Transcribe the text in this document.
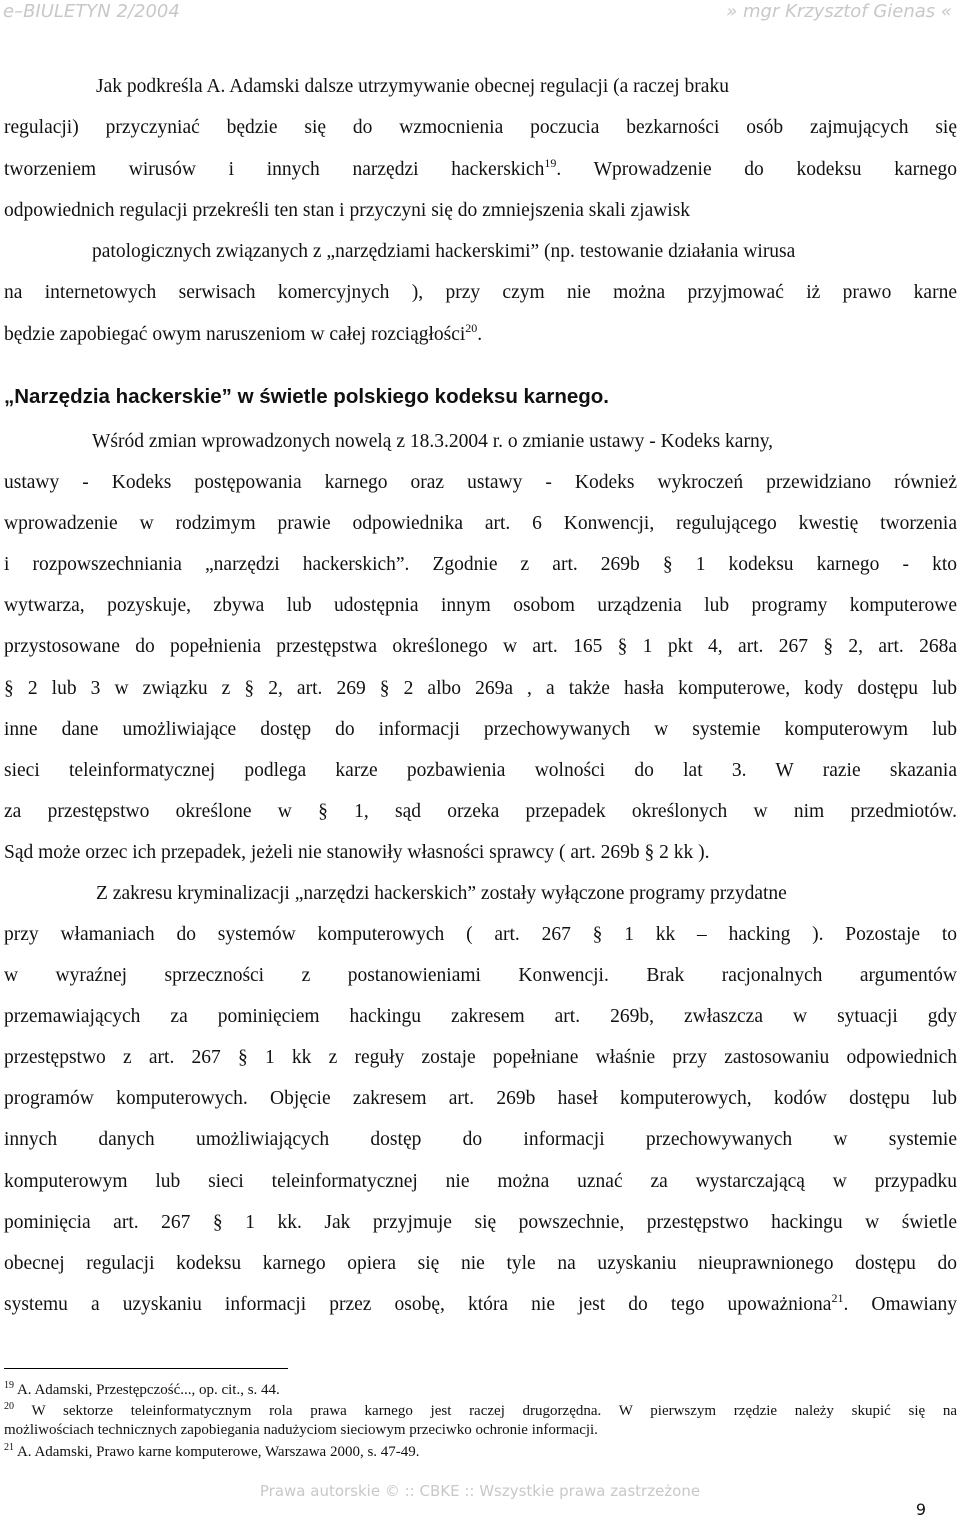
e–BIULETYN 2/2004	» mgr Krzysztof Gienas «
Jak podkreśla A. Adamski dalsze utrzymywanie obecnej regulacji (a raczej braku
regulacji) przyczyniać będzie się do wzmocnienia poczucia bezkarności osób zajmujących się
tworzeniem wirusów i innych narzędzi hackerskich$^{19}$. Wprowadzenie do kodeksu karnego
odpowiednich regulacji przekreśli ten stan i przyczyni się do zmniejszenia skali zjawisk
patologicznych związanych z „narzędziami hackerskimi” (np. testowanie działania wirusa
na internetowych serwisach komercyjnych ), przy czym nie można przyjmować iż prawo karne
będzie zapobiegać owym naruszeniom w całej rozciągłości$^{20}$.
Wśród zmian wprowadzonych nowelą z 18.3.2004 r. o zmianie ustawy - Kodeks karny,
ustawy - Kodeks postępowania karnego oraz ustawy - Kodeks wykroczeń przewidziano również
wprowadzenie w rodzimym prawie odpowiednika art. 6 Konwencji, regulującego kwestię tworzenia
i rozpowszechniania „narzędzi hackerskich”. Zgodnie z art. 269b § 1 kodeksu karnego - kto
wytwarza, pozyskuje, zbywa lub udostępnia innym osobom urządzenia lub programy komputerowe
przystosowane do popełnienia przestępstwa określonego w art. 165 § 1 pkt 4, art. 267 § 2, art. 268a
§ 2 lub 3 w związku z § 2, art. 269 § 2 albo 269a , a także hasła komputerowe, kody dostępu lub
inne dane umożliwiające dostęp do informacji przechowywanych w systemie komputerowym lub
sieci teleinformatycznej podlega karze pozbawienia wolności do lat 3. W razie skazania
za przestępstwo określone w § 1, sąd orzeka przepadek określonych w nim przedmiotów.
Sąd może orzec ich przepadek, jeżeli nie stanowiły własności sprawcy ( art. 269b § 2 kk ).
Z zakresu kryminalizacji „narzędzi hackerskich” zostały wyłączone programy przydatne
przy włamaniach do systemów komputerowych ( art. 267 § 1 kk – hacking ). Pozostaje to
w wyraźnej sprzeczności z postanowieniami Konwencji. Brak racjonalnych argumentów
przemawiających za pominięciem hackingu zakresem art. 269b, zwłaszcza w sytuacji gdy
przestępstwo z art. 267 § 1 kk z reguły zostaje popełniane właśnie przy zastosowaniu odpowiednich
programów komputerowych. Objęcie zakresem art. 269b haseł komputerowych, kodów dostępu lub
innych danych umożliwiających dostęp do informacji przechowywanych w systemie
komputerowym lub sieci teleinformatycznej nie można uznać za wystarczającą w przypadku
pominięcia art. 267 § 1 kk. Jak przyjmuje się powszechnie, przestępstwo hackingu w świetle
obecnej regulacji kodeksu karnego opiera się nie tyle na uzyskaniu nieuprawnionego dostępu do
systemu a uzyskaniu informacji przez osobę, która nie jest do tego upoważniona$^{21}$. Omawiany
„Narzędzia hackerskie” w świetle polskiego kodeksu karnego.
$^{19}$ A. Adamski, Przestępczość..., op. cit., s. 44.
$^{20}$ W sektorze teleinformatycznym rola prawa karnego jest raczej drugorzędna. W pierwszym rzędzie należy skupić się na
możliwościach technicznych zapobiegania nadużyciom sieciowym przeciwko ochronie informacji.
$^{21}$ A. Adamski, Prawo karne komputerowe, Warszawa 2000, s. 47-49.
Prawa autorskie © :: CBKE :: Wszystkie prawa zastrzeżone
9
